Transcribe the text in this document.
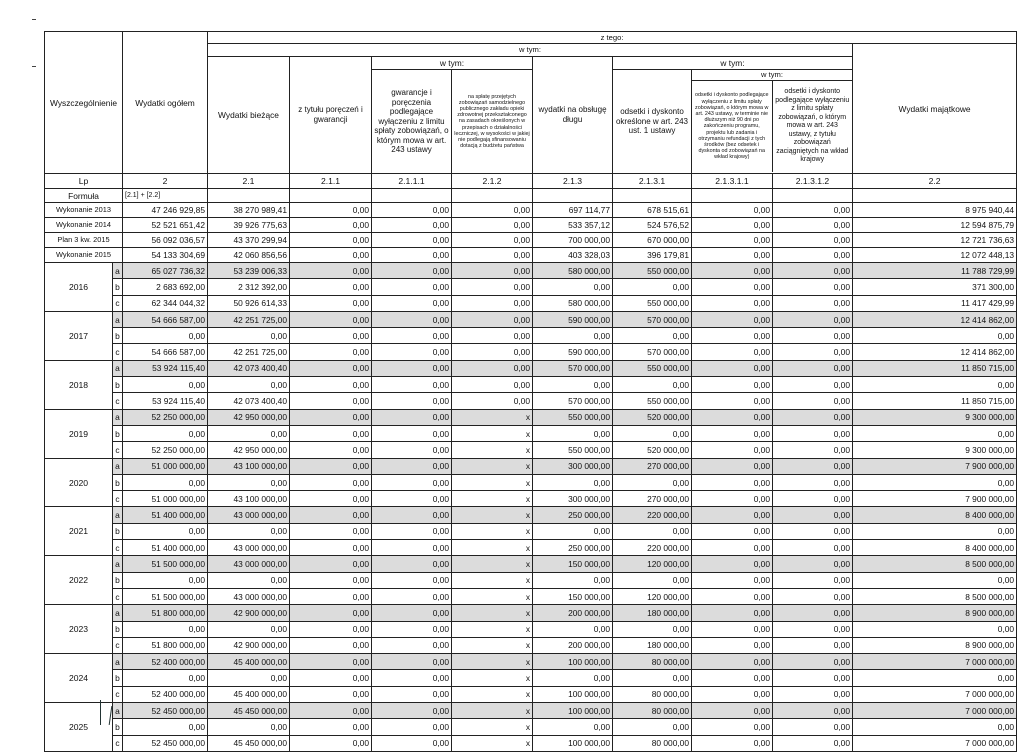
Wyszczególnienie	Wydatki ogółem	z tego:
w tym:	Wydatki majątkowe
Wydatki bieżące	z tytułu poręczeń i gwarancji	w tym:	wydatki na obsługę długu	w tym:
gwarancje i poręczenia podlegające wyłączeniu z limitu spłaty zobowiązań, o którym mowa w art. 243 ustawy	na spłatę przejętych zobowiązań samodzielnego publicznego zakładu opieki zdrowotnej przekształconego na zasadach określonych w przepisach o działalności leczniczej, w wysokości w jakiej nie podlegają sfinansowaniu dotacją z budżetu państwa	odsetki i dyskonto określone w art. 243 ust. 1 ustawy	
w tym:
odsetki i dyskonto podlegające wyłączeniu z limitu spłaty zobowiązań, o którym mowa w art. 243 ustawy, w terminie nie dłuższym niż 90 dni po zakończeniu programu, projektu lub zadania i otrzymaniu refundacji z tych środków (bez odsetek i dyskonta od zobowiązań na wkład krajowy)	odsetki i dyskonto podlegające wyłączeniu z limitu spłaty zobowiązań, o którym mowa w art. 243 ustawy, z tytułu zobowiązań zaciągniętych na wkład krajowy

Lp	2	2.1	2.1.1	2.1.1.1	2.1.2	2.1.3	2.1.3.1	2.1.3.1.1	2.1.3.1.2	2.2
Formuła	[2.1] + [2.2]									
Wykonanie 2013	47 246 929,85	38 270 989,41	0,00	0,00	0,00	697 114,77	678 515,61	0,00	0,00	8 975 940,44
Wykonanie 2014	52 521 651,42	39 926 775,63	0,00	0,00	0,00	533 357,12	524 576,52	0,00	0,00	12 594 875,79
Plan 3 kw. 2015	56 092 036,57	43 370 299,94	0,00	0,00	0,00	700 000,00	670 000,00	0,00	0,00	12 721 736,63
Wykonanie 2015	54 133 304,69	42 060 856,56	0,00	0,00	0,00	403 328,03	396 179,81	0,00	0,00	12 072 448,13
2016	a	65 027 736,32	53 239 006,33	0,00	0,00	0,00	580 000,00	550 000,00	0,00	0,00	11 788 729,99
b	2 683 692,00	2 312 392,00	0,00	0,00	0,00	0,00	0,00	0,00	0,00	371 300,00
c	62 344 044,32	50 926 614,33	0,00	0,00	0,00	580 000,00	550 000,00	0,00	0,00	11 417 429,99
2017	a	54 666 587,00	42 251 725,00	0,00	0,00	0,00	590 000,00	570 000,00	0,00	0,00	12 414 862,00
b	0,00	0,00	0,00	0,00	0,00	0,00	0,00	0,00	0,00	0,00
c	54 666 587,00	42 251 725,00	0,00	0,00	0,00	590 000,00	570 000,00	0,00	0,00	12 414 862,00
2018	a	53 924 115,40	42 073 400,40	0,00	0,00	0,00	570 000,00	550 000,00	0,00	0,00	11 850 715,00
b	0,00	0,00	0,00	0,00	0,00	0,00	0,00	0,00	0,00	0,00
c	53 924 115,40	42 073 400,40	0,00	0,00	0,00	570 000,00	550 000,00	0,00	0,00	11 850 715,00
2019	a	52 250 000,00	42 950 000,00	0,00	0,00	x	550 000,00	520 000,00	0,00	0,00	9 300 000,00
b	0,00	0,00	0,00	0,00	x	0,00	0,00	0,00	0,00	0,00
c	52 250 000,00	42 950 000,00	0,00	0,00	x	550 000,00	520 000,00	0,00	0,00	9 300 000,00
2020	a	51 000 000,00	43 100 000,00	0,00	0,00	x	300 000,00	270 000,00	0,00	0,00	7 900 000,00
b	0,00	0,00	0,00	0,00	x	0,00	0,00	0,00	0,00	0,00
c	51 000 000,00	43 100 000,00	0,00	0,00	x	300 000,00	270 000,00	0,00	0,00	7 900 000,00
2021	a	51 400 000,00	43 000 000,00	0,00	0,00	x	250 000,00	220 000,00	0,00	0,00	8 400 000,00
b	0,00	0,00	0,00	0,00	x	0,00	0,00	0,00	0,00	0,00
c	51 400 000,00	43 000 000,00	0,00	0,00	x	250 000,00	220 000,00	0,00	0,00	8 400 000,00
2022	a	51 500 000,00	43 000 000,00	0,00	0,00	x	150 000,00	120 000,00	0,00	0,00	8 500 000,00
b	0,00	0,00	0,00	0,00	x	0,00	0,00	0,00	0,00	0,00
c	51 500 000,00	43 000 000,00	0,00	0,00	x	150 000,00	120 000,00	0,00	0,00	8 500 000,00
2023	a	51 800 000,00	42 900 000,00	0,00	0,00	x	200 000,00	180 000,00	0,00	0,00	8 900 000,00
b	0,00	0,00	0,00	0,00	x	0,00	0,00	0,00	0,00	0,00
c	51 800 000,00	42 900 000,00	0,00	0,00	x	200 000,00	180 000,00	0,00	0,00	8 900 000,00
2024	a	52 400 000,00	45 400 000,00	0,00	0,00	x	100 000,00	80 000,00	0,00	0,00	7 000 000,00
b	0,00	0,00	0,00	0,00	x	0,00	0,00	0,00	0,00	0,00
c	52 400 000,00	45 400 000,00	0,00	0,00	x	100 000,00	80 000,00	0,00	0,00	7 000 000,00
2025	a	52 450 000,00	45 450 000,00	0,00	0,00	x	100 000,00	80 000,00	0,00	0,00	7 000 000,00
b	0,00	0,00	0,00	0,00	x	0,00	0,00	0,00	0,00	0,00
c	52 450 000,00	45 450 000,00	0,00	0,00	x	100 000,00	80 000,00	0,00	0,00	7 000 000,00
